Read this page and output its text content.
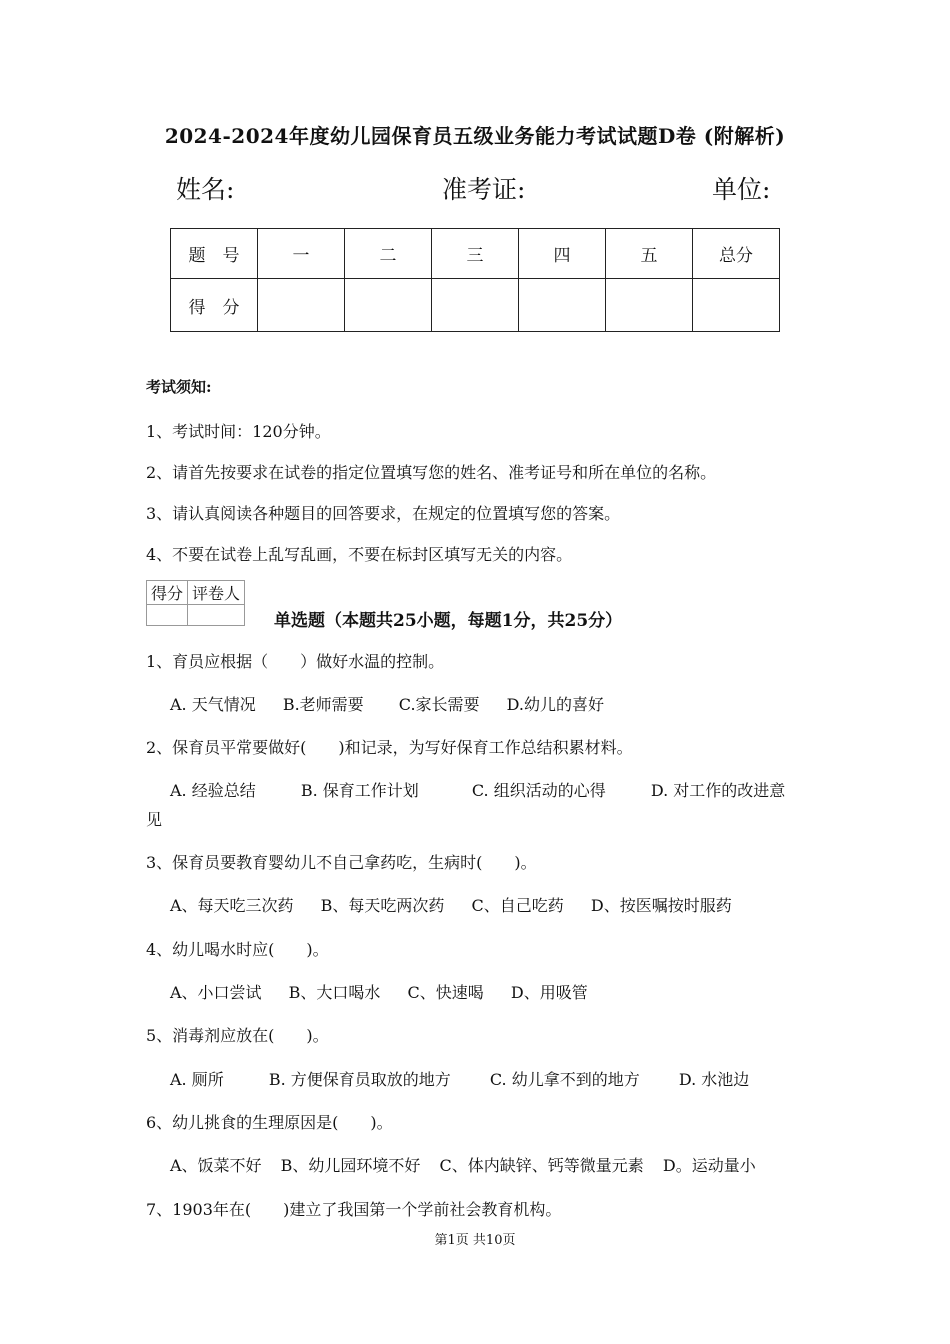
2024-2024年度幼儿园保育员五级业务能力考试试题D卷 (附解析)
姓名:	准考证:	单位:
题　号	一	二	三	四	五	总分
得　分						
考试须知:
1、考试时间：120分钟。
2、请首先按要求在试卷的指定位置填写您的姓名、准考证号和所在单位的名称。
3、请认真阅读各种题目的回答要求，在规定的位置填写您的答案。
4、不要在试卷上乱写乱画，不要在标封区填写无关的内容。
得分	评卷人

单选题（本题共25小题，每题1分，共25分）
1、育员应根据（　　）做好水温的控制。
A. 天气情况 B.老师需要 C.家长需要 D.幼儿的喜好
2、保育员平常要做好(　　)和记录，为写好保育工作总结积累材料。
A. 经验总结	B. 保育工作计划	C. 组织活动的心得	D. 对工作的改进意
见
3、保育员要教育婴幼儿不自己拿药吃，生病时(　　)。
A、每天吃三次药 B、每天吃两次药 C、自己吃药 D、按医嘱按时服药
4、幼儿喝水时应(　　)。
A、小口尝试 B、大口喝水 C、快速喝 D、用吸管
5、消毒剂应放在(　　)。
A. 厕所	B. 方便保育员取放的地方 C. 幼儿拿不到的地方 D. 水池边
6、幼儿挑食的生理原因是(　　)。
A、饭菜不好 B、幼儿园环境不好 C、体内缺锌、钙等微量元素 D。运动量小
7、1903年在(　　)建立了我国第一个学前社会教育机构。
第1页 共10页
